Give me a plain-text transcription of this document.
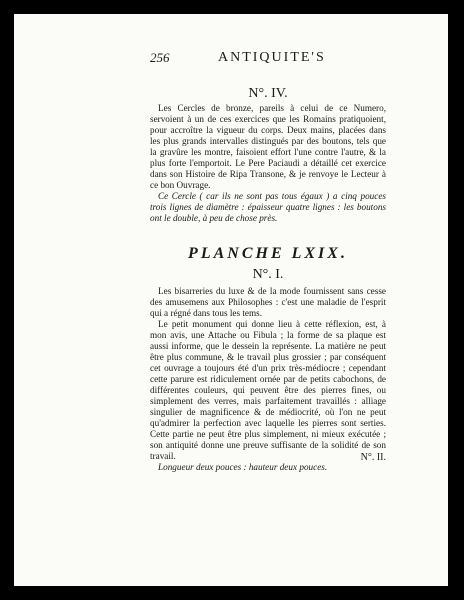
256	ANTIQUITE'S
N°. IV.

Les Cercles de bronze, pareils à celui de ce Numero, servoient à un de ces exercices que les Romains pratiquoient, pour accroître la vigueur du corps. Deux mains, placées dans les plus grands intervalles distingués par des boutons, tels que la gravûre les montre, faisoient effort l'une contre l'autre, & la plus forte l'emportoit. Le Pere Paciaudi a détaillé cet exercice dans son Histoire de Ripa Transone, & je renvoye le Lecteur à ce bon Ouvrage.

Ce Cercle ( car ils ne sont pas tous égaux ) a cinq pouces trois lignes de diamètre : épaisseur quatre lignes : les boutons ont le double, à peu de chose près.

PLANCHE LXIX.
N°. I.

Les bisarreries du luxe & de la mode fournissent sans cesse des amusemens aux Philosophes : c'est une maladie de l'esprit qui a régné dans tous les tems.

Le petit monument qui donne lieu à cette réflexion, est, à mon avis, une Attache ou Fibula ; la forme de sa plaque est aussi informe, que le dessein la représente. La matière ne peut être plus commune, & le travail plus grossier ; par conséquent cet ouvrage a toujours été d'un prix très-médiocre ; cependant cette parure est ridiculement ornée par de petits cabochons, de différentes couleurs, qui peuvent être des pierres fines, ou simplement des verres, mais parfaitement travaillés : alliage singulier de magnificence & de médiocrité, où l'on ne peut qu'admirer la perfection avec laquelle les pierres sont serties. Cette partie ne peut être plus simplement, ni mieux exécutée ; son antiquité donne une preuve suffisante de la solidité de son travail.

Longueur deux pouces : hauteur deux pouces.

N°. II.
